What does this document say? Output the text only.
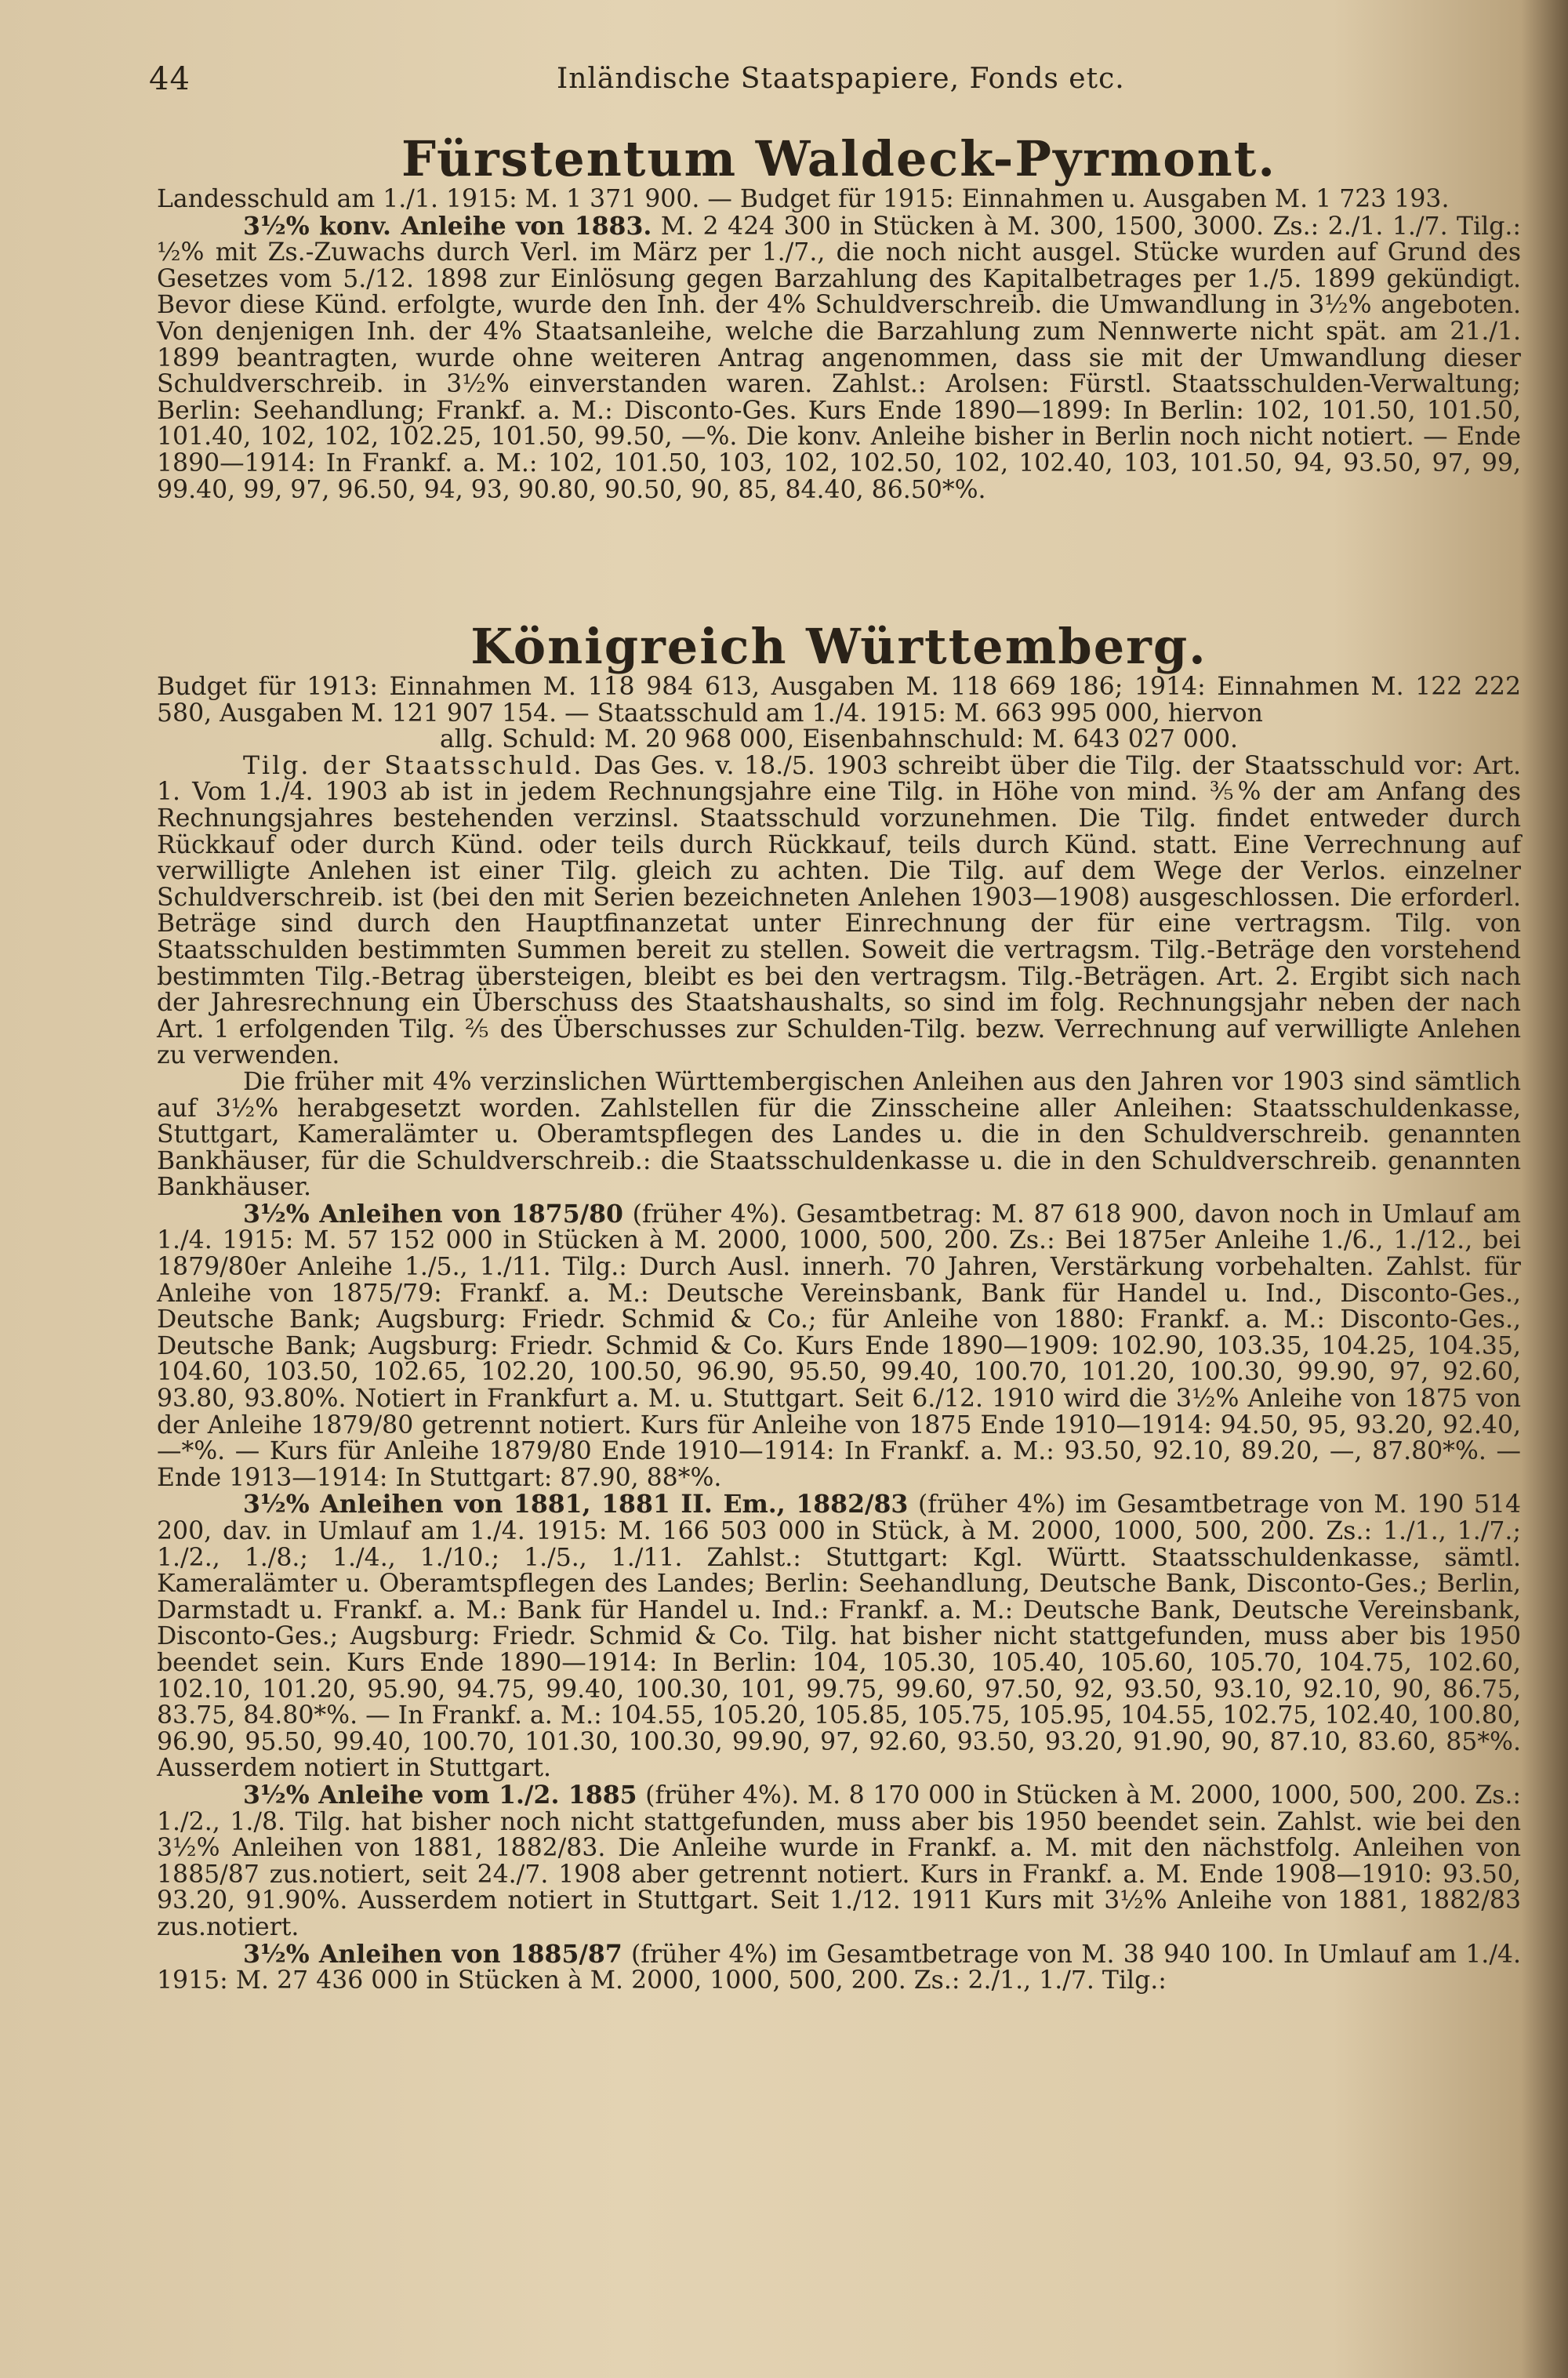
44	Inländische Staatspapiere, Fonds etc.
Fürstentum Waldeck-Pyrmont.

Landesschuld am 1./1. 1915: M. 1 371 900. — Budget für 1915: Einnahmen u. Ausgaben M. 1 723 193.

3½% konv. Anleihe von 1883. M. 2 424 300 in Stücken à M. 300, 1500, 3000. Zs.: 2./1. 1./7. Tilg.: ½% mit Zs.-Zuwachs durch Verl. im März per 1./7., die noch nicht ausgel. Stücke wurden auf Grund des Gesetzes vom 5./12. 1898 zur Einlösung gegen Barzahlung des Kapitalbetrages per 1./5. 1899 gekündigt. Bevor diese Künd. erfolgte, wurde den Inh. der 4% Schuldverschreib. die Umwandlung in 3½% angeboten. Von denjenigen Inh. der 4% Staatsanleihe, welche die Barzahlung zum Nennwerte nicht spät. am 21./1. 1899 beantragten, wurde ohne weiteren Antrag angenommen, dass sie mit der Umwandlung dieser Schuldverschreib. in 3½% einverstanden waren. Zahlst.: Arolsen: Fürstl. Staatsschulden-Verwaltung; Berlin: Seehandlung; Frankf. a. M.: Disconto-Ges. Kurs Ende 1890—1899: In Berlin: 102, 101.50, 101.50, 101.40, 102, 102, 102.25, 101.50, 99.50, —%. Die konv. Anleihe bisher in Berlin noch nicht notiert. — Ende 1890—1914: In Frankf. a. M.: 102, 101.50, 103, 102, 102.50, 102, 102.40, 103, 101.50, 94, 93.50, 97, 99, 99.40, 99, 97, 96.50, 94, 93, 90.80, 90.50, 90, 85, 84.40, 86.50*%.

Königreich Württemberg.

Budget für 1913: Einnahmen M. 118 984 613, Ausgaben M. 118 669 186; 1914: Einnahmen M. 122 222 580, Ausgaben M. 121 907 154. — Staatsschuld am 1./4. 1915: M. 663 995 000, hiervon

allg. Schuld: M. 20 968 000, Eisenbahnschuld: M. 643 027 000.

Tilg. der Staatsschuld. Das Ges. v. 18./5. 1903 schreibt über die Tilg. der Staatsschuld vor: Art. 1. Vom 1./4. 1903 ab ist in jedem Rechnungsjahre eine Tilg. in Höhe von mind. ⅗% der am Anfang des Rechnungsjahres bestehenden verzinsl. Staatsschuld vorzunehmen. Die Tilg. findet entweder durch Rückkauf oder durch Künd. oder teils durch Rückkauf, teils durch Künd. statt. Eine Verrechnung auf verwilligte Anlehen ist einer Tilg. gleich zu achten. Die Tilg. auf dem Wege der Verlos. einzelner Schuldverschreib. ist (bei den mit Serien bezeichneten Anlehen 1903—1908) ausgeschlossen. Die erforderl. Beträge sind durch den Hauptfinanzetat unter Einrechnung der für eine vertragsm. Tilg. von Staatsschulden bestimmten Summen bereit zu stellen. Soweit die vertragsm. Tilg.-Beträge den vorstehend bestimmten Tilg.-Betrag übersteigen, bleibt es bei den vertragsm. Tilg.-Beträgen. Art. 2. Ergibt sich nach der Jahresrechnung ein Überschuss des Staatshaushalts, so sind im folg. Rechnungsjahr neben der nach Art. 1 erfolgenden Tilg. ⅖ des Überschusses zur Schulden-Tilg. bezw. Verrechnung auf verwilligte Anlehen zu verwenden.

Die früher mit 4% verzinslichen Württembergischen Anleihen aus den Jahren vor 1903 sind sämtlich auf 3½% herabgesetzt worden. Zahlstellen für die Zinsscheine aller Anleihen: Staatsschuldenkasse, Stuttgart, Kameralämter u. Oberamtspflegen des Landes u. die in den Schuldverschreib. genannten Bankhäuser, für die Schuldverschreib.: die Staatsschuldenkasse u. die in den Schuldverschreib. genannten Bankhäuser.

3½% Anleihen von 1875/80 (früher 4%). Gesamtbetrag: M. 87 618 900, davon noch in Umlauf am 1./4. 1915: M. 57 152 000 in Stücken à M. 2000, 1000, 500, 200. Zs.: Bei 1875er Anleihe 1./6., 1./12., bei 1879/80er Anleihe 1./5., 1./11. Tilg.: Durch Ausl. innerh. 70 Jahren, Verstärkung vorbehalten. Zahlst. für Anleihe von 1875/79: Frankf. a. M.: Deutsche Vereinsbank, Bank für Handel u. Ind., Disconto-Ges., Deutsche Bank; Augsburg: Friedr. Schmid & Co.; für Anleihe von 1880: Frankf. a. M.: Disconto-Ges., Deutsche Bank; Augsburg: Friedr. Schmid & Co. Kurs Ende 1890—1909: 102.90, 103.35, 104.25, 104.35, 104.60, 103.50, 102.65, 102.20, 100.50, 96.90, 95.50, 99.40, 100.70, 101.20, 100.30, 99.90, 97, 92.60, 93.80, 93.80%. Notiert in Frankfurt a. M. u. Stuttgart. Seit 6./12. 1910 wird die 3½% Anleihe von 1875 von der Anleihe 1879/80 getrennt notiert. Kurs für Anleihe von 1875 Ende 1910—1914: 94.50, 95, 93.20, 92.40, —*%. — Kurs für Anleihe 1879/80 Ende 1910—1914: In Frankf. a. M.: 93.50, 92.10, 89.20, —, 87.80*%. — Ende 1913—1914: In Stuttgart: 87.90, 88*%.

3½% Anleihen von 1881, 1881 II. Em., 1882/83 (früher 4%) im Gesamtbetrage von M. 190 514 200, dav. in Umlauf am 1./4. 1915: M. 166 503 000 in Stück, à M. 2000, 1000, 500, 200. Zs.: 1./1., 1./7.; 1./2., 1./8.; 1./4., 1./10.; 1./5., 1./11. Zahlst.: Stuttgart: Kgl. Württ. Staatsschuldenkasse, sämtl. Kameralämter u. Oberamtspflegen des Landes; Berlin: Seehandlung, Deutsche Bank, Disconto-Ges.; Berlin, Darmstadt u. Frankf. a. M.: Bank für Handel u. Ind.: Frankf. a. M.: Deutsche Bank, Deutsche Vereinsbank, Disconto-Ges.; Augsburg: Friedr. Schmid & Co. Tilg. hat bisher nicht stattgefunden, muss aber bis 1950 beendet sein. Kurs Ende 1890—1914: In Berlin: 104, 105.30, 105.40, 105.60, 105.70, 104.75, 102.60, 102.10, 101.20, 95.90, 94.75, 99.40, 100.30, 101, 99.75, 99.60, 97.50, 92, 93.50, 93.10, 92.10, 90, 86.75, 83.75, 84.80*%. — In Frankf. a. M.: 104.55, 105.20, 105.85, 105.75, 105.95, 104.55, 102.75, 102.40, 100.80, 96.90, 95.50, 99.40, 100.70, 101.30, 100.30, 99.90, 97, 92.60, 93.50, 93.20, 91.90, 90, 87.10, 83.60, 85*%. Ausserdem notiert in Stuttgart.

3½% Anleihe vom 1./2. 1885 (früher 4%). M. 8 170 000 in Stücken à M. 2000, 1000, 500, 200. Zs.: 1./2., 1./8. Tilg. hat bisher noch nicht stattgefunden, muss aber bis 1950 beendet sein. Zahlst. wie bei den 3½% Anleihen von 1881, 1882/83. Die Anleihe wurde in Frankf. a. M. mit den nächstfolg. Anleihen von 1885/87 zus.notiert, seit 24./7. 1908 aber getrennt notiert. Kurs in Frankf. a. M. Ende 1908—1910: 93.50, 93.20, 91.90%. Ausserdem notiert in Stuttgart. Seit 1./12. 1911 Kurs mit 3½% Anleihe von 1881, 1882/83 zus.notiert.

3½% Anleihen von 1885/87 (früher 4%) im Gesamtbetrage von M. 38 940 100. In Umlauf am 1./4. 1915: M. 27 436 000 in Stücken à M. 2000, 1000, 500, 200. Zs.: 2./1., 1./7. Tilg.:
